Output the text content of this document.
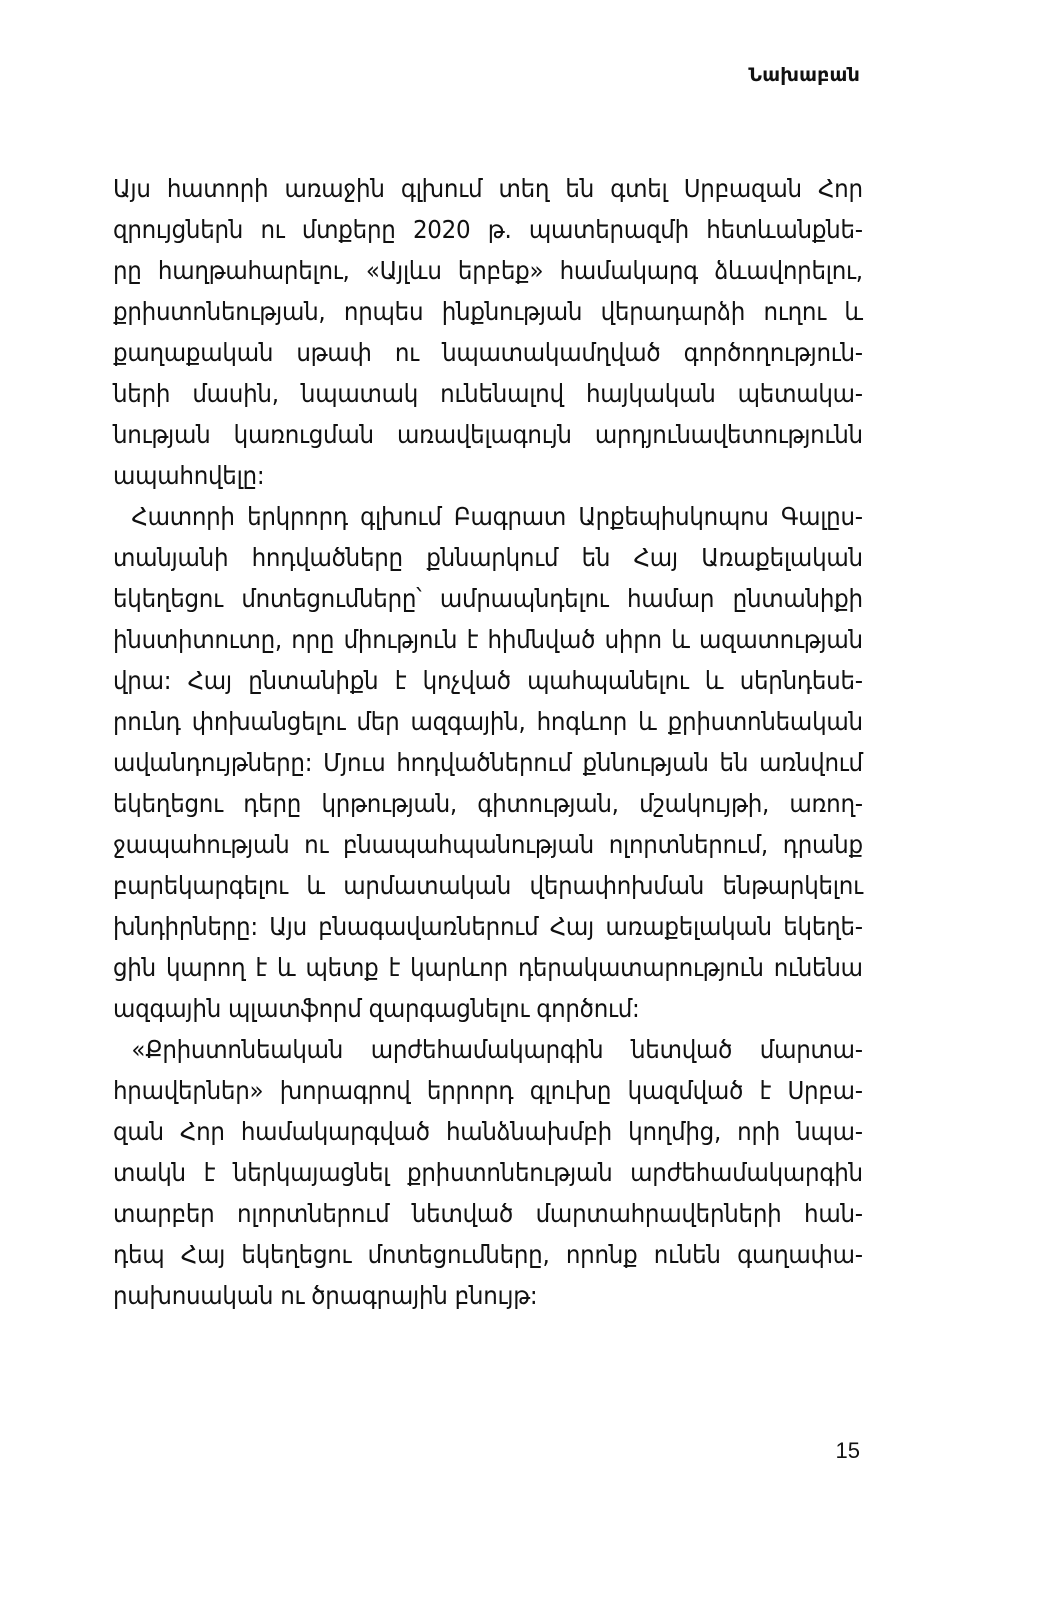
Նախաբան
Այս հատորի առաջին գլխում տեղ են գտել Սրբազան Հոր
զրույցներն ու մտքերը 2020 թ. պատերազմի հետևանքնե-
րը հաղթահարելու, «Այլևս երբեք» համակարգ ձևավորելու,
քրիստոնեության, որպես ինքնության վերադարձի ուղու և
քաղաքական սթափ ու նպատակամղված գործողություն-
ների մասին, նպատակ ունենալով հայկական պետակա-
նության կառուցման առավելագույն արդյունավետությունն
ապահովելը:
Հատորի երկրորդ գլխում Բագրատ Արքեպիսկոպոս Գալըս-
տանյանի հոդվածները քննարկում են Հայ Առաքելական
եկեղեցու մոտեցումները՝ ամրապնդելու համար ընտանիքի
ինստիտուտը, որը միություն է հիմնված սիրո և ազատության
վրա: Հայ ընտանիքն է կոչված պահպանելու և սերնդեսե-
րունդ փոխանցելու մեր ազգային, հոգևոր և քրիստոնեական
ավանդույթները: Մյուս հոդվածներում քննության են առնվում
եկեղեցու դերը կրթության, գիտության, մշակույթի, առող-
ջապահության ու բնապահպանության ոլորտներում, դրանք
բարեկարգելու և արմատական վերափոխման ենթարկելու
խնդիրները: Այս բնագավառներում Հայ առաքելական եկեղե-
ցին կարող է և պետք է կարևոր դերակատարություն ունենա
ազգային պլատֆորմ զարգացնելու գործում:
«Քրիստոնեական արժեհամակարգին նետված մարտա-
հրավերներ» խորագրով երրորդ գլուխը կազմված է Սրբա-
զան Հոր համակարգված հանձնախմբի կողմից, որի նպա-
տակն է ներկայացնել քրիստոնեության արժեհամակարգին
տարբեր ոլորտներում նետված մարտահրավերների հան-
դեպ Հայ եկեղեցու մոտեցումները, որոնք ունեն գաղափա-
րախոսական ու ծրագրային բնույթ:
15
